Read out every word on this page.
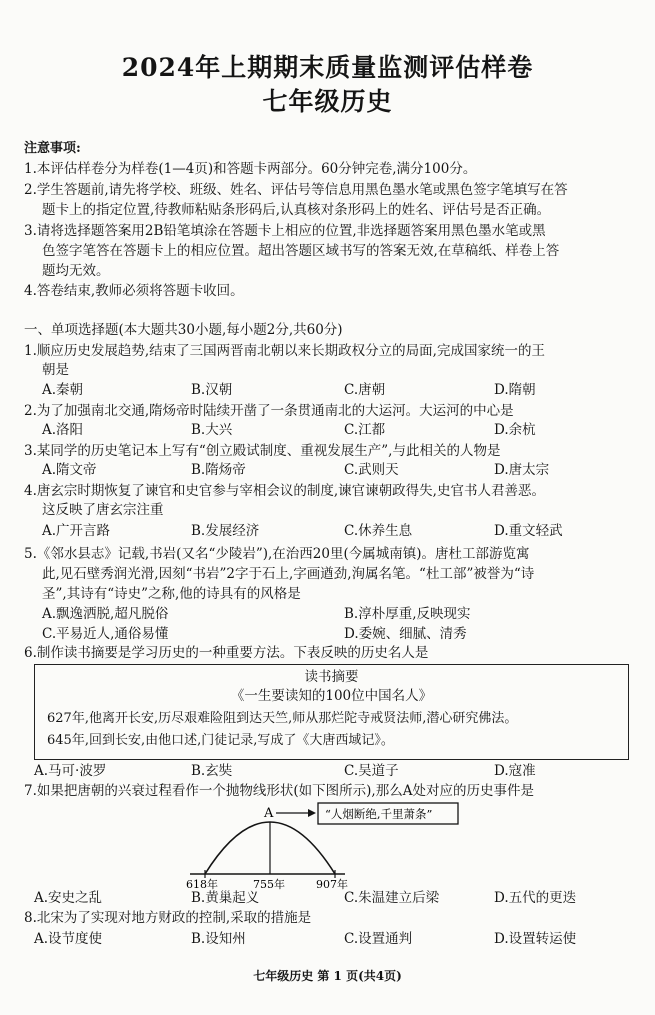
2024年上期期末质量监测评估样卷
七年级历史
注意事项:
1.本评估样卷分为样卷(1—4页)和答题卡两部分。60分钟完卷,满分100分。
2.学生答题前,请先将学校、班级、姓名、评估号等信息用黑色墨水笔或黑色签字笔填写在答
题卡上的指定位置,待教师粘贴条形码后,认真核对条形码上的姓名、评估号是否正确。
3.请将选择题答案用2B铅笔填涂在答题卡上相应的位置,非选择题答案用黑色墨水笔或黑
色签字笔答在答题卡上的相应位置。超出答题区域书写的答案无效,在草稿纸、样卷上答
题均无效。
4.答卷结束,教师必须将答题卡收回。
一、单项选择题(本大题共30小题,每小题2分,共60分)
1.顺应历史发展趋势,结束了三国两晋南北朝以来长期政权分立的局面,完成国家统一的王
朝是
A.秦朝	B.汉朝	C.唐朝	D.隋朝
2.为了加强南北交通,隋炀帝时陆续开凿了一条贯通南北的大运河。大运河的中心是
A.洛阳	B.大兴	C.江都	D.余杭
3.某同学的历史笔记本上写有“创立殿试制度、重视发展生产”,与此相关的人物是
A.隋文帝	B.隋炀帝	C.武则天	D.唐太宗
4.唐玄宗时期恢复了谏官和史官参与宰相会议的制度,谏官谏朝政得失,史官书人君善恶。
这反映了唐玄宗注重
A.广开言路	B.发展经济	C.休养生息	D.重文轻武
5.《邻水县志》记载,书岩(又名“少陵岩”),在治西20里(今属城南镇)。唐杜工部游览寓
此,见石壁秀润光滑,因刻“书岩”2字于石上,字画遒劲,洵属名笔。“杜工部”被誉为“诗
圣”,其诗有“诗史”之称,他的诗具有的风格是
A.飘逸洒脱,超凡脱俗	B.淳朴厚重,反映现实
C.平易近人,通俗易懂	D.委婉、细腻、清秀
6.制作读书摘要是学习历史的一种重要方法。下表反映的历史名人是
读书摘要
《一生要读知的100位中国名人》
627年,他离开长安,历尽艰难险阻到达天竺,师从那烂陀寺戒贤法师,潜心研究佛法。
645年,回到长安,由他口述,门徒记录,写成了《大唐西域记》。
A.马可·波罗	B.玄奘	C.吴道子	D.寇准
7.如果把唐朝的兴衰过程看作一个抛物线形状(如下图所示),那么A处对应的历史事件是
A	“人烟断绝,千里萧条”
618年	755年	907年
A.安史之乱	B.黄巢起义	C.朱温建立后梁	D.五代的更迭
8.北宋为了实现对地方财政的控制,采取的措施是
A.设节度使	B.设知州	C.设置通判	D.设置转运使
七年级历史 第 1 页(共4页)
